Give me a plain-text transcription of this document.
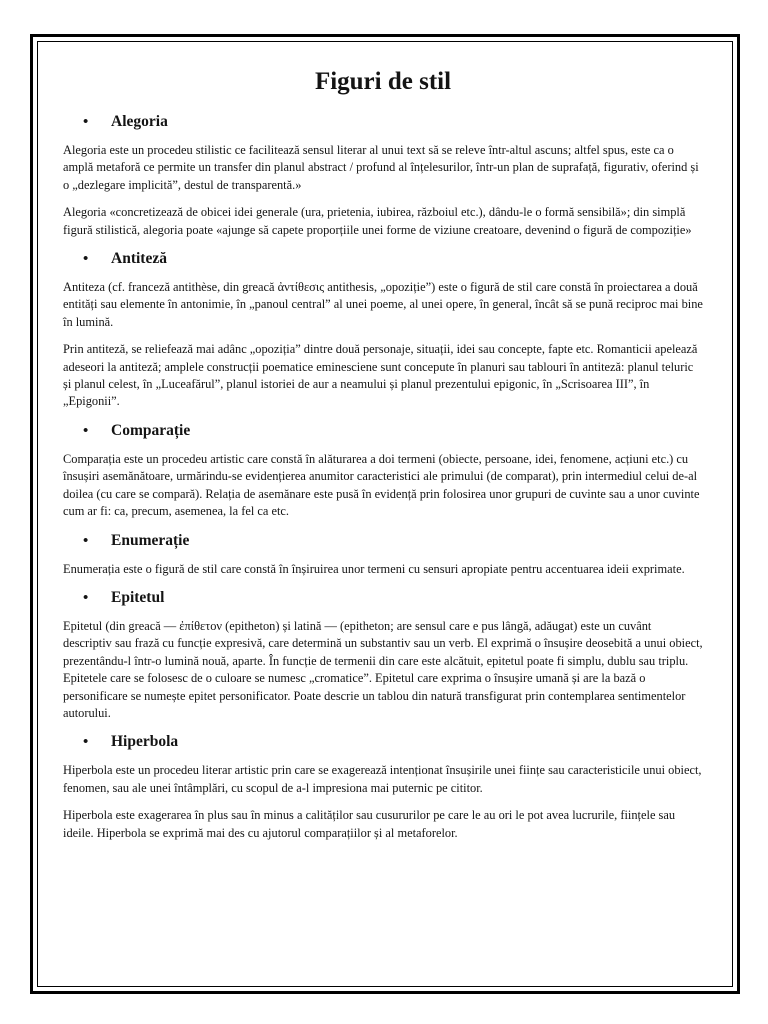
Figuri de stil
•	Alegoria

Alegoria este un procedeu stilistic ce facilitează sensul literar al unui text să se releve într-altul ascuns; altfel spus, este ca o amplă metaforă ce permite un transfer din planul abstract / profund al înțelesurilor, într-un plan de suprafață, figurativ, oferind și o „dezlegare implicită”, destul de transparentă.»

Alegoria «concretizează de obicei idei generale (ura, prietenia, iubirea, războiul etc.), dându-le o formă sensibilă»; din simplă figură stilistică, alegoria poate «ajunge să capete proporțiile unei forme de viziune creatoare, devenind o figură de compoziție»

•	Antiteză

Antiteza (cf. franceză antithèse, din greacă ἀντίθεσις antithesis, „opoziție”) este o figură de stil care constă în proiectarea a două entități sau elemente în antonimie, în „panoul central” al unei poeme, al unei opere, în general, încât să se pună reciproc mai bine în lumină.

Prin antiteză, se reliefează mai adânc „opoziția” dintre două personaje, situații, idei sau concepte, fapte etc. Romanticii apelează adeseori la antiteză; amplele construcții poematice eminesciene sunt concepute în planuri sau tablouri în antiteză: planul teluric și planul celest, în „Luceafărul”, planul istoriei de aur a neamului și planul prezentului epigonic, în „Scrisoarea III”, în „Epigonii”.

•	Comparație

Comparația este un procedeu artistic care constă în alăturarea a doi termeni (obiecte, persoane, idei, fenomene, acțiuni etc.) cu însușiri asemănătoare, urmărindu-se evidențierea anumitor caracteristici ale primului (de comparat), prin intermediul celui de-al doilea (cu care se compară). Relația de asemănare este pusă în evidență prin folosirea unor grupuri de cuvinte sau a unor cuvinte cum ar fi: ca, precum, asemenea, la fel ca etc.

•	Enumerație

Enumerația este o figură de stil care constă în înșiruirea unor termeni cu sensuri apropiate pentru accentuarea ideii exprimate.

•	Epitetul

Epitetul (din greacă — ἐπίθετον (epitheton) și latină — (epitheton; are sensul care e pus lângă, adăugat) este un cuvânt descriptiv sau frază cu funcție expresivă, care determină un substantiv sau un verb. El exprimă o însușire deosebită a unui obiect, prezentându-l într-o lumină nouă, aparte. În funcție de termenii din care este alcătuit, epitetul poate fi simplu, dublu sau triplu. Epitetele care se folosesc de o culoare se numesc „cromatice”. Epitetul care exprima o însușire umană și are la bază o personificare se numește epitet personificator. Poate descrie un tablou din natură transfigurat prin contemplarea sentimentelor autorului.

•	Hiperbola

Hiperbola este un procedeu literar artistic prin care se exagerează intenționat însușirile unei ființe sau caracteristicile unui obiect, fenomen, sau ale unei întâmplări, cu scopul de a-l impresiona mai puternic pe cititor.

Hiperbola este exagerarea în plus sau în minus a calităților sau cusururilor pe care le au ori le pot avea lucrurile, ființele sau ideile. Hiperbola se exprimă mai des cu ajutorul comparațiilor și al metaforelor.
